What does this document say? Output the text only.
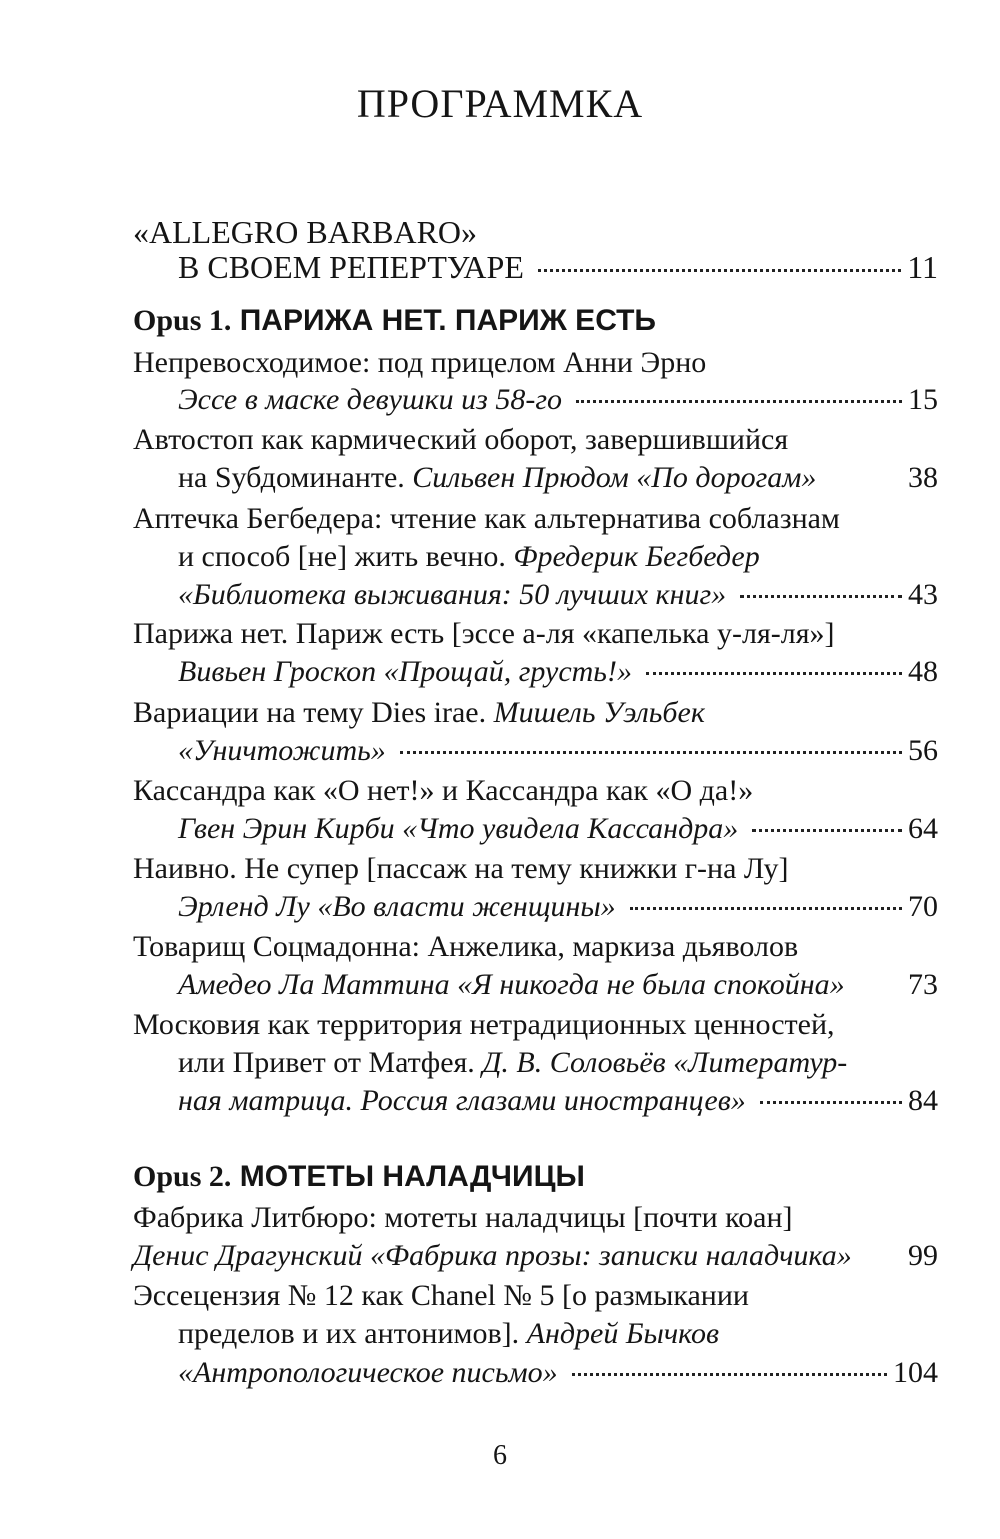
ПРОГРАММКА
«ALLEGRO BARBARO»
В СВОЕМ РЕПЕРТУАРЕ	11
Opus 1. ПАРИЖА НЕТ. ПАРИЖ ЕСТЬ
Непревосходимое: под прицелом Анни Эрно
Эссе в маске девушки из 58-го	15
Автостоп как кармический оборот, завершившийся
на Sубдоминанте.
Сильвен Прюдом «По дорогам»	38
Аптечка Бегбедера: чтение как альтернатива соблазнам
и способ [не] жить вечно.
Фредерик Бегбедер
«Библиотека выживания: 50 лучших книг»	43
Парижа нет. Париж есть [эссе а-ля «капелька у-ля-ля»]
Вивьен Гроскоп «Прощай, грусть!»	48
Вариации на тему Dies irae.
Мишель Уэльбек
«Уничтожить»	56
Кассандра как «О нет!» и Кассандра как «О да!»
Гвен Эрин Кирби «Что увидела Кассандра»	64
Наивно. Не супер [пассаж на тему книжки г-на Лу]
Эрленд Лу «Во власти женщины»	70
Товарищ Соцмадонна: Анжелика, маркиза дьяволов
Амедео Ла Маттина «Я никогда не была спокойна» 73
Московия как территория нетрадиционных ценностей,
или Привет от Матфея.
Д. В. Соловьёв «Литератур-
ная матрица. Россия глазами иностранцев»	84
Opus 2. МОТЕТЫ НАЛАДЧИЦЫ
Фабрика Литбюро: мотеты наладчицы [почти коан]
Денис Драгунский «Фабрика прозы: записки наладчика» 99
Эссецензия № 12 как Chanel № 5 [о размыкании
пределов и их антонимов].
Андрей Бычков
«Антропологическое письмо»	104
6
